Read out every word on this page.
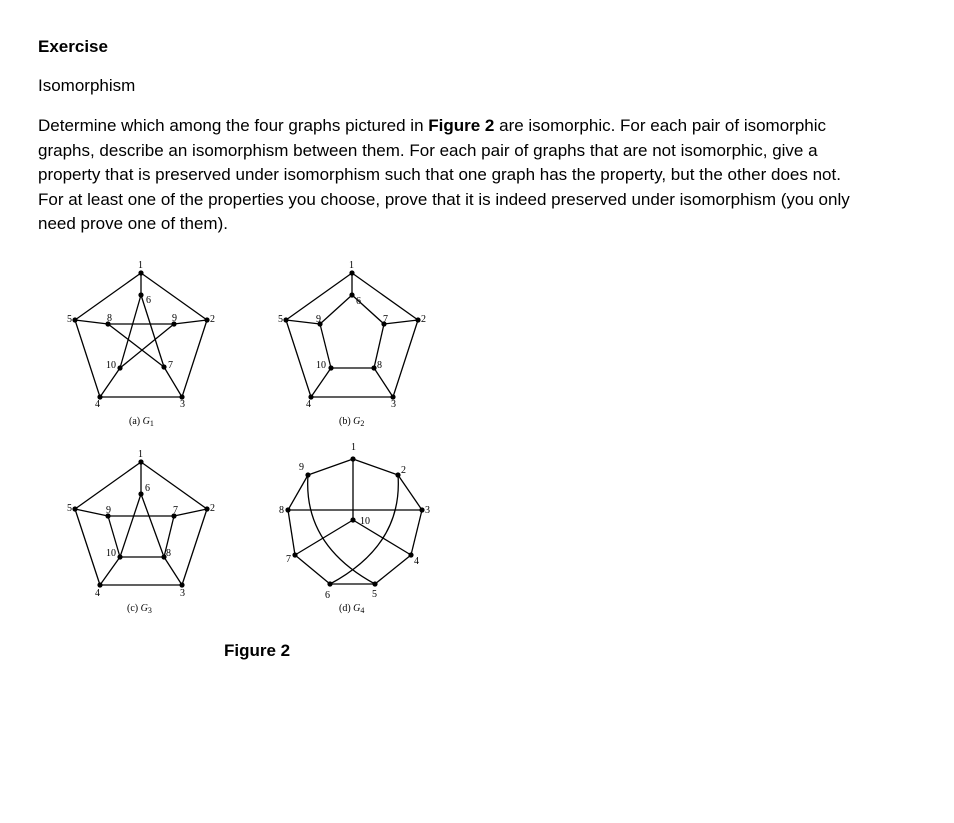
Exercise

Isomorphism

Determine which among the four graphs pictured in Figure 2 are isomorphic. For each pair of isomorphic graphs, describe an isomorphism between them. For each pair of graphs that are not isomorphic, give a property that is preserved under isomorphism such that one graph has the property, but the other does not. For at least one of the properties you choose, prove that it is indeed preserved under isomorphism (you only need prove one of them).

1
2
3
4
5
6
7
8	9
10
(a) $G_1$
1
2
3
4
5
6
7
8
9
10
(b) $G_2$
1
2
3
4
5
6
7
8
9
10
(c) $G_3$
1
2
3
4
5
6
7
8
9
10
(d) $G_4$

Figure 2
